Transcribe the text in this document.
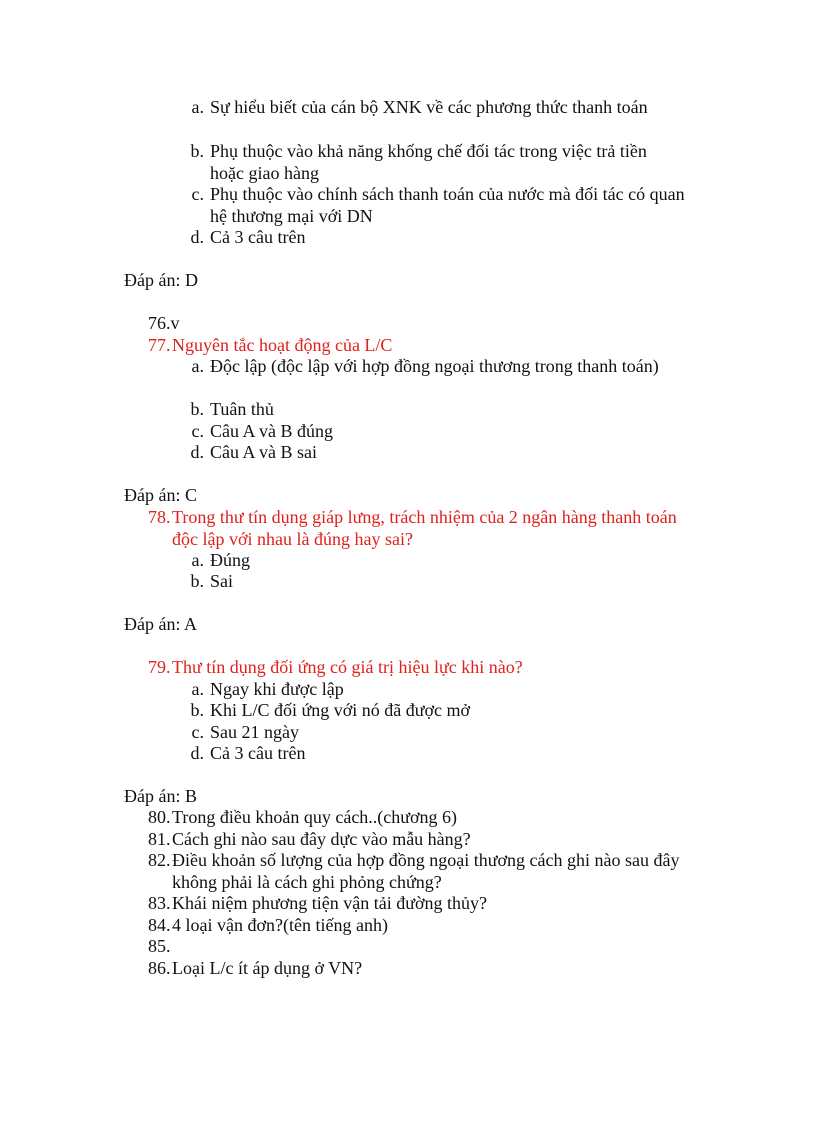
a. Sự hiểu biết của cán bộ XNK về các phương thức thanh toán
b. Phụ thuộc vào khả năng khống chế đối tác trong việc trả tiền hoặc giao hàng
c. Phụ thuộc vào chính sách thanh toán của nước mà đối tác có quan hệ thương mại với DN
d. Cả 3 câu trên
Đáp án: D
76.v
77. Nguyên tắc hoạt động của L/C
a. Độc lập (độc lập với hợp đồng ngoại thương trong thanh toán)
b. Tuân thủ
c. Câu A và B đúng
d. Câu A và B sai
Đáp án: C
78. Trong thư tín dụng giáp lưng, trách nhiệm của 2 ngân hàng thanh toán độc lập với nhau là đúng hay sai?
a. Đúng
b. Sai
Đáp án: A
79. Thư tín dụng đối ứng có giá trị hiệu lực khi nào?
a. Ngay khi được lập
b. Khi L/C đối ứng với nó đã được mở
c. Sau 21 ngày
d. Cả 3 câu trên
Đáp án: B
80. Trong điều khoản quy cách..(chương 6)
81. Cách ghi nào sau đây dực vào mẫu hàng?
82. Điều khoản số lượng của hợp đồng ngoại thương cách ghi nào sau đây không phải là cách ghi phỏng chứng?
83. Khái niệm phương tiện vận tải đường thủy?
84. 4 loại vận đơn?(tên tiếng anh)
85.
86. Loại L/c ít áp dụng ở VN?
